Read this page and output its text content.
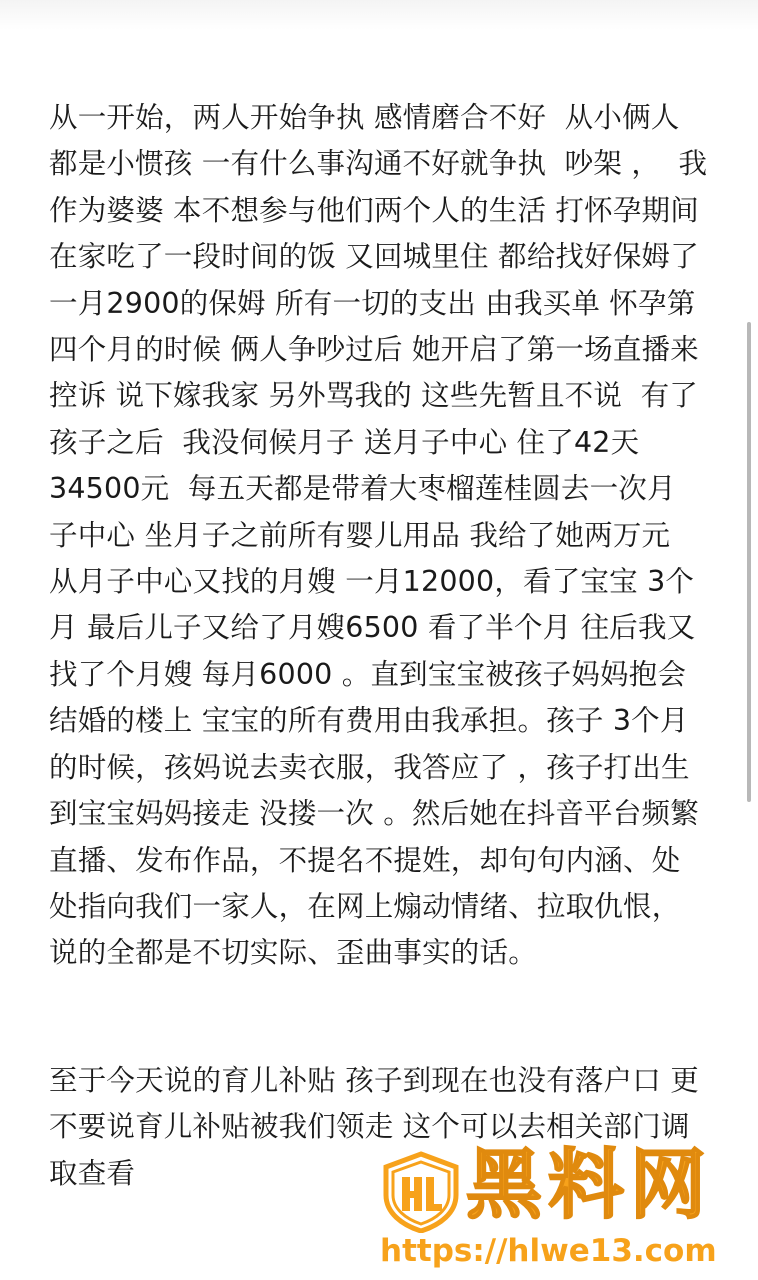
从一开始，两人开始争执 感情磨合不好  从小俩人
都是小惯孩 一有什么事沟通不好就争执  吵架 ，  我
作为婆婆 本不想参与他们两个人的生活 打怀孕期间
在家吃了一段时间的饭 又回城里住 都给找好保姆了
一月2900的保姆 所有一切的支出 由我买单 怀孕第
四个月的时候 俩人争吵过后 她开启了第一场直播来
控诉 说下嫁我家 另外骂我的 这些先暂且不说  有了
孩子之后  我没伺候月子 送月子中心 住了42天
34500元  每五天都是带着大枣榴莲桂圆去一次月
子中心 坐月子之前所有婴儿用品 我给了她两万元
从月子中心又找的月嫂 一月12000，看了宝宝 3个
月 最后儿子又给了月嫂6500 看了半个月 往后我又
找了个月嫂 每月6000 。直到宝宝被孩子妈妈抱会
结婚的楼上 宝宝的所有费用由我承担。孩子 3个月
的时候，孩妈说去卖衣服，我答应了 ，孩子打出生
到宝宝妈妈接走 没搂一次 。然后她在抖音平台频繁
直播、发布作品，不提名不提姓，却句句内涵、处
处指向我们一家人，在网上煽动情绪、拉取仇恨，
说的全都是不切实际、歪曲事实的话。
至于今天说的育儿补贴 孩子到现在也没有落户口 更
不要说育儿补贴被我们领走 这个可以去相关部门调
取查看	黑料网
https://hlwe13.com
